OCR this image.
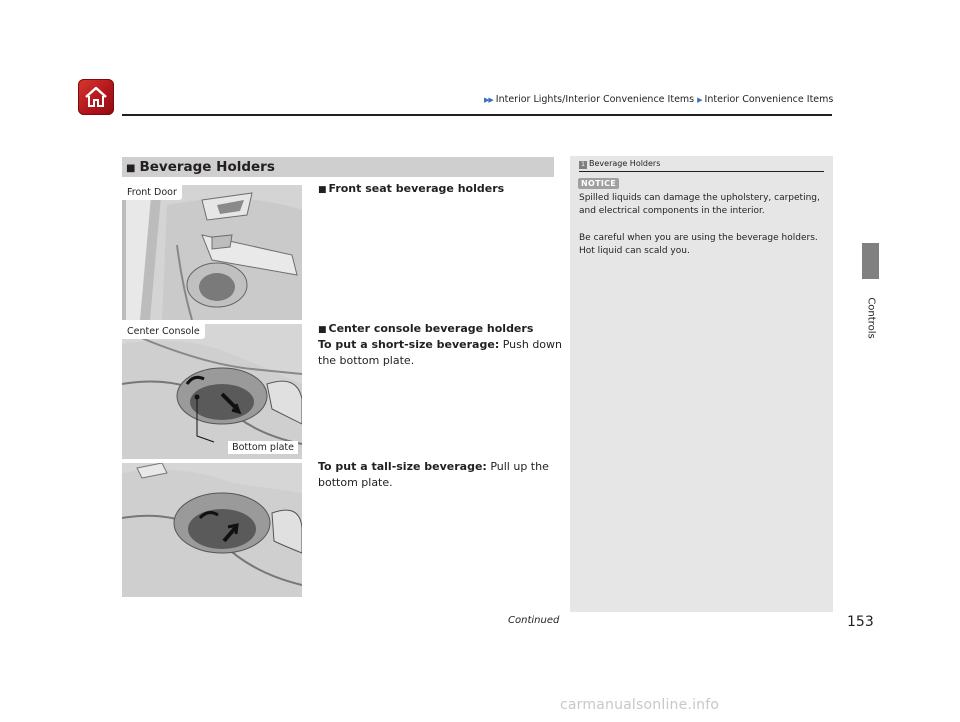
▶▶ Interior Lights/Interior Convenience Items ▶ Interior Convenience Items
Controls
■ Beverage Holders
Front Door
Center Console
Bottom plate
■ Front seat beverage holders
■ Center console beverage holders
To put a short-size beverage: Push down
the bottom plate.
To put a tall-size beverage: Pull up the
bottom plate.
1 Beverage Holders
Spilled liquids can damage the upholstery, carpeting,
and electrical components in the interior.
Be careful when you are using the beverage holders.
Hot liquid can scald you.
NOTICE
Continued	153
carmanualsonline.info
